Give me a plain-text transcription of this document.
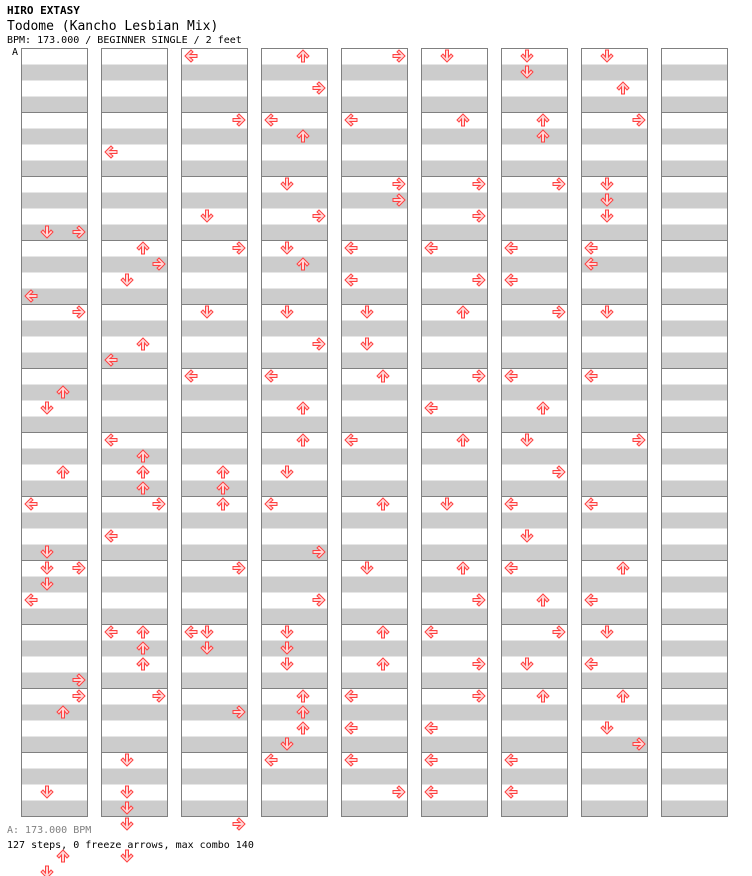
HIRO EXTASY
Todome (Kancho Lesbian Mix)
BPM: 173.000 / BEGINNER SINGLE / 2 feet
A
A: 173.000 BPM
127 steps, 0 freeze arrows, max combo 140
